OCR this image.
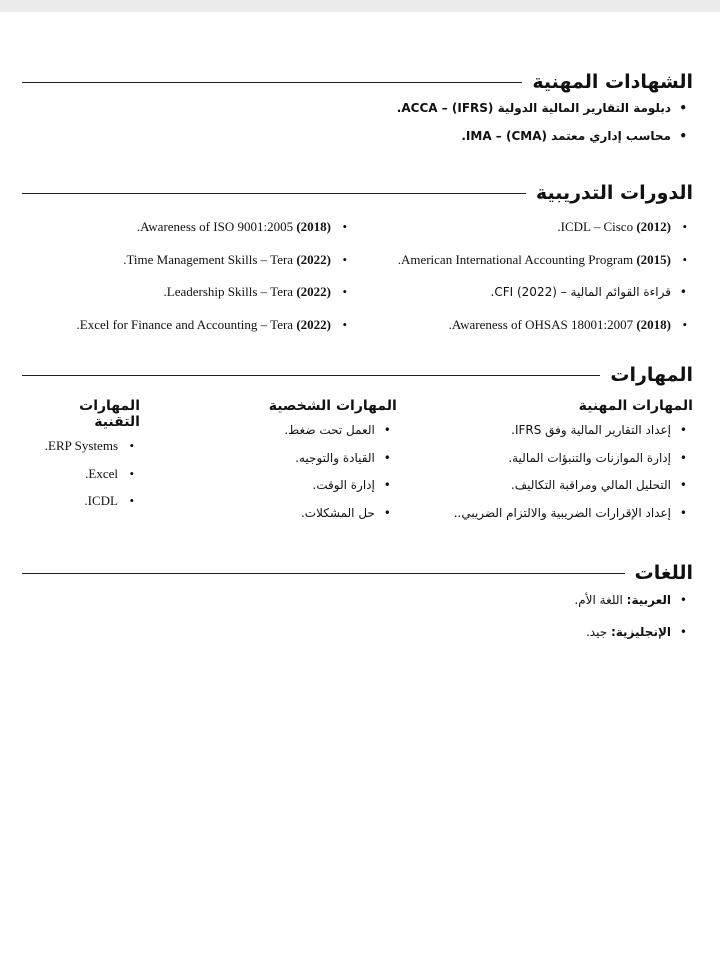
الشهادات المهنية
• دبلومة التقارير المالية الدولية (IFRS) – ACCA.
• محاسب إداري معتمد (CMA) – IMA.
الدورات التدريبية
• ICDL – Cisco (2012).
• American International Accounting Program (2015).
• قراءة القوائم المالية – (2022) CFI.
• Awareness of OHSAS 18001:2007 (2018).
• Awareness of ISO 9001:2005 (2018).
• Time Management Skills – Tera (2022).
• Leadership Skills – Tera (2022).
• Excel for Finance and Accounting – Tera (2022).
المهارات
المهارات المهنية
• إعداد التقارير المالية وفق IFRS.
• إدارة الموازنات والتنبؤات المالية.
• التحليل المالي ومراقبة التكاليف.
• إعداد الإقرارات الضريبية والالتزام الضريبي..
المهارات الشخصية
• العمل تحت ضغط.
• القيادة والتوجيه.
• إدارة الوقت.
• حل المشكلات.
المهارات التقنية
• ERP Systems.
• Excel.
• ICDL.
اللغات
• العربية: اللغة الأم.
• الإنجليزية: جيد.
